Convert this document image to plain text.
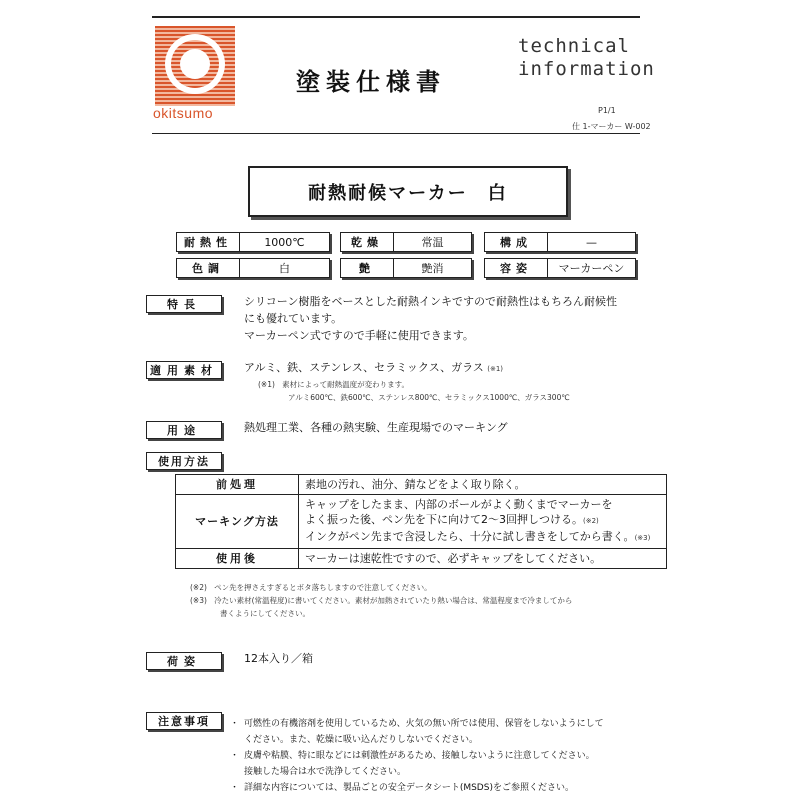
okitsumo
塗装仕様書
technical
information
P1/1
仕 1-マーカー W-002
耐熱耐候マーカー　白
耐熱性	1000℃	乾燥	常温	構成	—
色調	白	艶	艶消	容姿	マーカーペン
特長	シリコーン樹脂をベースとした耐熱インキですので耐熱性はもちろん耐候性
にも優れています。
マーカーペン式ですので手軽に使用できます。
適用素材	アルミ、鉄、ステンレス、セラミックス、ガラス (※1)
(※1) 素材によって耐熱温度が変わります。
アルミ600℃、鉄600℃、ステンレス800℃、セラミックス1000℃、ガラス300℃
用途	熱処理工業、各種の熱実験、生産現場でのマーキング
使用方法
前処理	素地の汚れ、油分、錆などをよく取り除く。

マーキング方法	キャップをしたまま、内部のボールがよく動くまでマーカーを
よく振った後、ペン先を下に向けて2～3回押しつける。(※2)
インクがペン先まで含浸したら、十分に試し書きをしてから書く。(※3)

使用後	マーカーは速乾性ですので、必ずキャップをしてください。
(※2) ペン先を押さえすぎるとボタ落ちしますので注意してください。
(※3) 冷たい素材(常温程度)に書いてください。素材が加熱されていたり熱い場合は、常温程度まで冷ましてから
書くようにしてください。
荷姿	12本入り／箱
注意事項	・ 可燃性の有機溶剤を使用しているため、火気の無い所では使用、保管をしないようにして
ください。また、乾燥に吸い込んだりしないでください。
・ 皮膚や粘膜、特に眼などには刺激性があるため、接触しないように注意してください。
接触した場合は水で洗浄してください。
・ 詳細な内容については、製品ごとの安全データシート(MSDS)をご参照ください。
